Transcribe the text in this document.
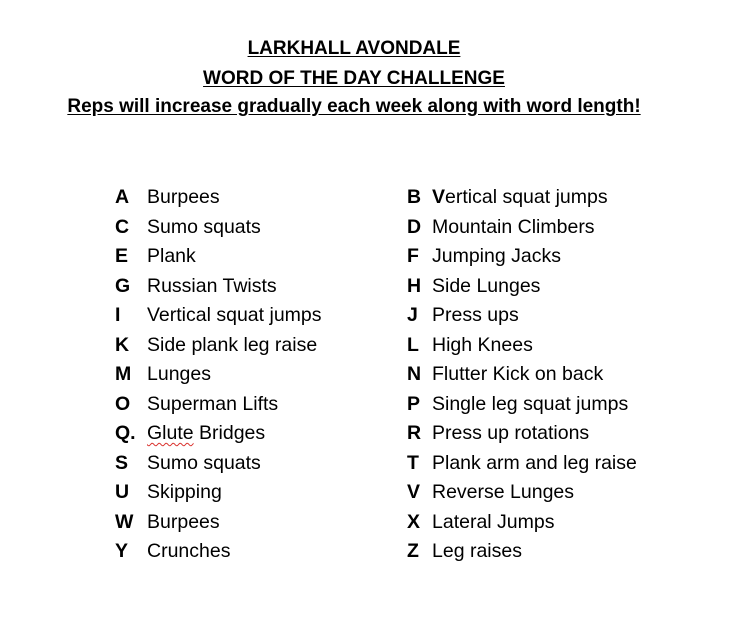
LARKHALL AVONDALE
WORD OF THE DAY CHALLENGE
Reps will increase gradually each week along with word length!
A Burpees
C Sumo squats
E Plank
G Russian Twists
I Vertical squat jumps
K Side plank leg raise
M Lunges
O Superman Lifts
Q. Glute Bridges
S Sumo squats
U Skipping
W Burpees
Y Crunches
B Vertical squat jumps
D Mountain Climbers
F Jumping Jacks
H Side Lunges
J Press ups
L High Knees
N Flutter Kick on back
P Single leg squat jumps
R Press up rotations
T Plank arm and leg raise
V Reverse Lunges
X Lateral Jumps
Z Leg raises
